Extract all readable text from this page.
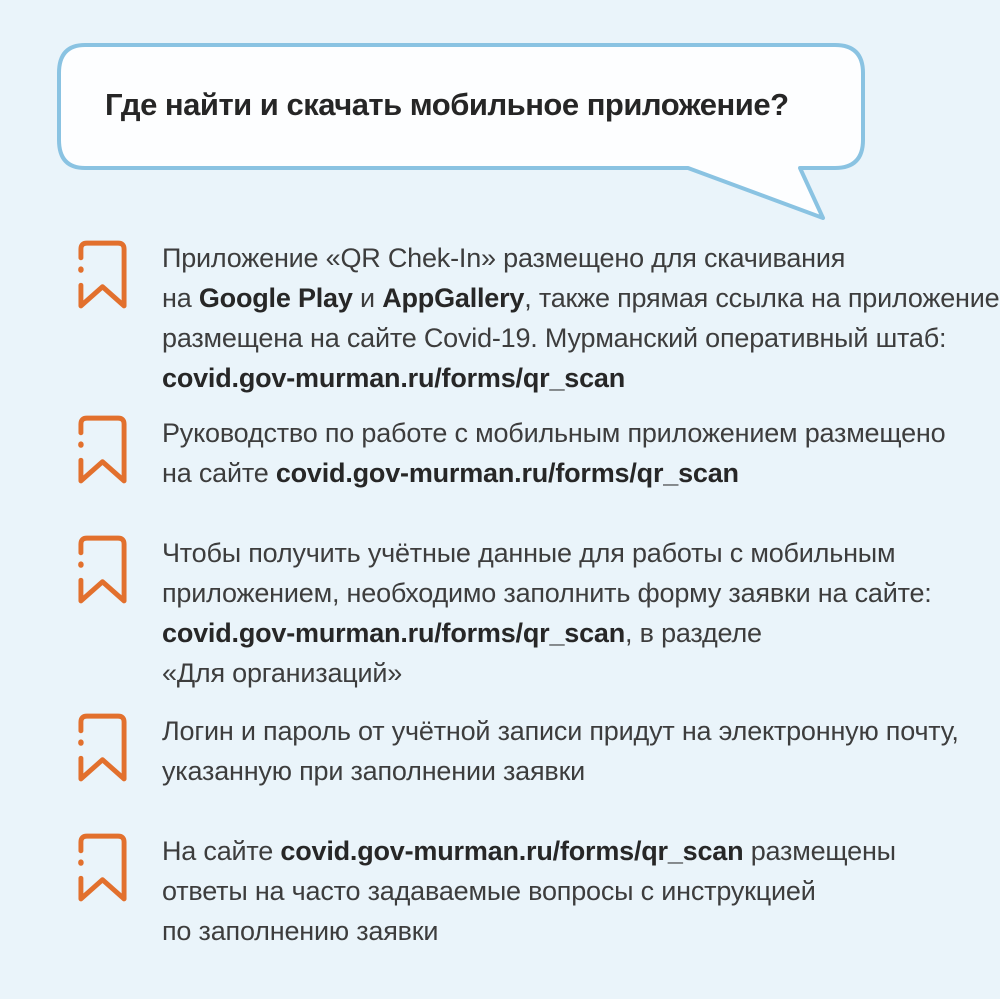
Где найти и скачать мобильное приложение?
Приложение «QR Chek-In» размещено для скачивания
на Google Play и AppGallery, также прямая ссылка на приложение
размещена на сайте Covid-19. Мурманский оперативный штаб:
covid.gov-murman.ru/forms/qr_scan
Руководство по работе с мобильным приложением размещено
на сайте covid.gov-murman.ru/forms/qr_scan
Чтобы получить учётные данные для работы с мобильным
приложением, необходимо заполнить форму заявки на сайте:
covid.gov-murman.ru/forms/qr_scan, в разделе
«Для организаций»
Логин и пароль от учётной записи придут на электронную почту,
указанную при заполнении заявки
На сайте covid.gov-murman.ru/forms/qr_scan размещены
ответы на часто задаваемые вопросы с инструкцией
по заполнению заявки
